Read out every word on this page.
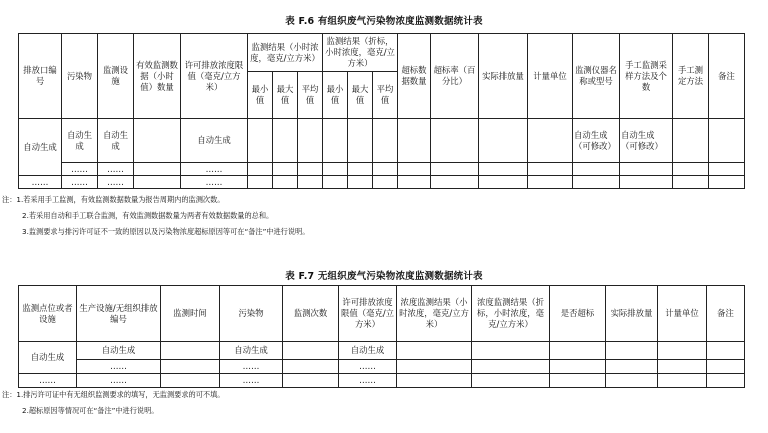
表 F.6 有组织废气污染物浓度监测数据统计表
排放口编号	污染物	监测设施	有效监测数据（小时值）数量	许可排放浓度限值（毫克/立方米）	监测结果（小时浓度，毫克/立方米）			监测结果（折标，小时浓度，毫克/立方米）			超标数据数量	超标率（百分比）	实际排放量	计量单位	监测仪器名称或型号	手工监测采样方法及个数	手工测定方法	备注
					最小值	最大值	平均值	最小值	最大值	平均值								
自动生成	自动生成	自动生成		自动生成											自动生成（可修改）	自动生成（可修改）		
	……	……		……														
……	……	……		……														
注：1.若采用手工监测，有效监测数据数量为报告周期内的监测次数。
2.若采用自动和手工联合监测，有效监测数据数量为两者有效数据数量的总和。
3.监测要求与排污许可证不一致的原因以及污染物浓度超标原因等可在“备注”中进行说明。
表 F.7 无组织废气污染物浓度监测数据统计表
监测点位或者设施	生产设施/无组织排放编号	监测时间	污染物	监测次数	许可排放浓度限值（毫克/立方米）	浓度监测结果（小时浓度，毫克/立方米）	浓度监测结果（折标，小时浓度，毫克/立方米）	是否超标	实际排放量	计量单位	备注
自动生成	自动生成		自动生成		自动生成						
	……		……		……						
……	……		……		……						
注：1.排污许可证中有无组织监测要求的填写，无监测要求的可不填。
2.超标原因等情况可在“备注”中进行说明。
